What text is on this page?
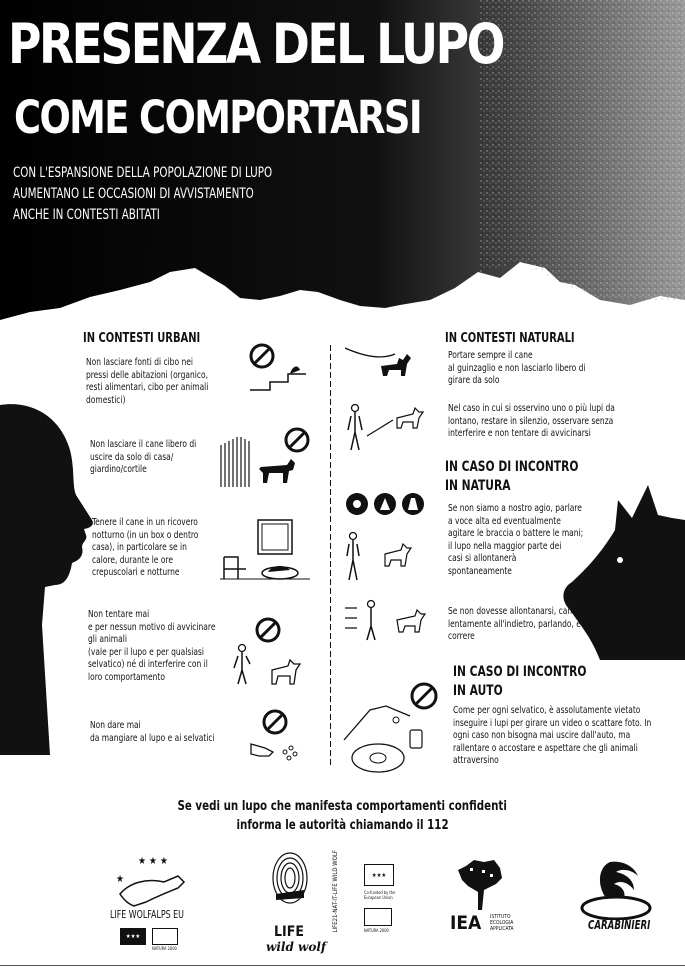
PRESENZA DEL LUPO
COME COMPORTARSI
CON L'ESPANSIONE DELLA POPOLAZIONE DI LUPO
AUMENTANO LE OCCASIONI DI AVVISTAMENTO
ANCHE IN CONTESTI ABITATI
IN CONTESTI URBANI
Non lasciare fonti di cibo nei
pressi delle abitazioni (organico,
resti alimentari, cibo per animali
domestici)
Non lasciare il cane libero di
uscire da solo di casa/
giardino/cortile
Tenere il cane in un ricovero
notturno (in un box o dentro
casa), in particolare se in
calore, durante le ore
crepuscolari e notturne
Non tentare mai
e per nessun motivo di avvicinare
gli animali
(vale per il lupo e per qualsiasi
selvatico) né di interferire con il
loro comportamento
Non dare mai
da mangiare al lupo e ai selvatici
IN CONTESTI NATURALI
Portare sempre il cane
al guinzaglio e non lasciarlo libero di
girare da solo
Nel caso in cui si osservino uno o più lupi da
lontano, restare in silenzio, osservare senza
interferire e non tentare di avvicinarsi
IN CASO DI INCONTRO
IN NATURA
Se non siamo a nostro agio, parlare
a voce alta ed eventualmente
agitare le braccia o battere le mani;
il lupo nella maggior parte dei
casi si allontanerà
spontaneamente
Se non dovesse allontanarsi, camminare
lentamente all'indietro, parlando, e senza
correre
IN CASO DI INCONTRO
IN AUTO
Come per ogni selvatico, è assolutamente vietato
inseguire i lupi per girare un video o scattare foto. In
ogni caso non bisogna mai uscire dall'auto, ma
rallentare o accostare e aspettare che gli animali
attraversino
Se vedi un lupo che manifesta comportamenti confidenti
informa le autorità chiamando il 112
★ ★ ★
★
LIFE WOLFALPS EU
★★★
NATURA 2000
LIFE
wild wolf
LIFE21-NAT-IT-LIFE WILD WOLF	★★★
Co-funded by the European Union
NATURA 2000	IEA ISTITUTO
ECOLOGIA
APPLICATA	CARABINIERI
